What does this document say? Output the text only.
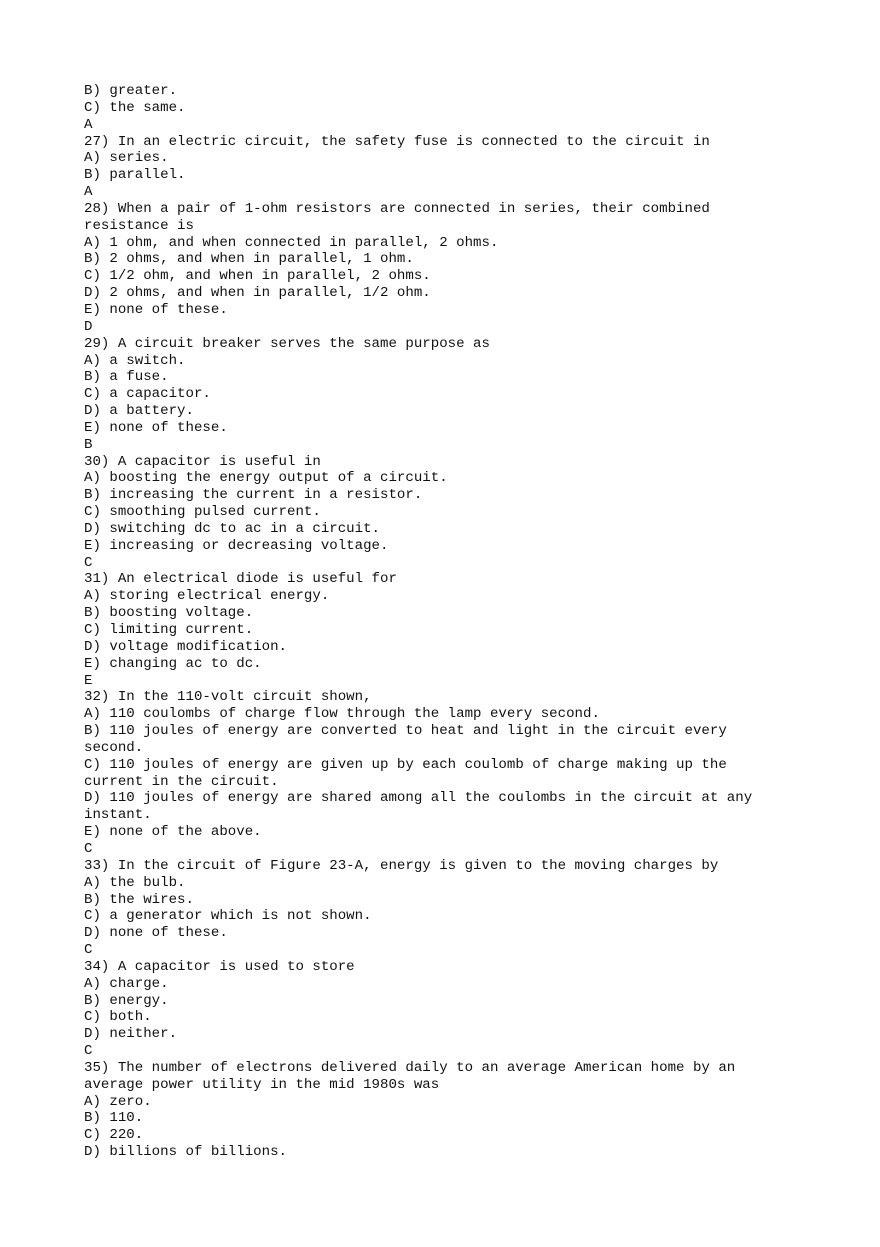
B) greater.
C) the same.
A
27) In an electric circuit, the safety fuse is connected to the circuit in
A) series.
B) parallel.
A
28) When a pair of 1-ohm resistors are connected in series, their combined
resistance is
A) 1 ohm, and when connected in parallel, 2 ohms.
B) 2 ohms, and when in parallel, 1 ohm.
C) 1/2 ohm, and when in parallel, 2 ohms.
D) 2 ohms, and when in parallel, 1/2 ohm.
E) none of these.
D
29) A circuit breaker serves the same purpose as
A) a switch.
B) a fuse.
C) a capacitor.
D) a battery.
E) none of these.
B
30) A capacitor is useful in
A) boosting the energy output of a circuit.
B) increasing the current in a resistor.
C) smoothing pulsed current.
D) switching dc to ac in a circuit.
E) increasing or decreasing voltage.
C
31) An electrical diode is useful for
A) storing electrical energy.
B) boosting voltage.
C) limiting current.
D) voltage modification.
E) changing ac to dc.
E
32) In the 110-volt circuit shown,
A) 110 coulombs of charge flow through the lamp every second.
B) 110 joules of energy are converted to heat and light in the circuit every
second.
C) 110 joules of energy are given up by each coulomb of charge making up the
current in the circuit.
D) 110 joules of energy are shared among all the coulombs in the circuit at any
instant.
E) none of the above.
C
33) In the circuit of Figure 23-A, energy is given to the moving charges by
A) the bulb.
B) the wires.
C) a generator which is not shown.
D) none of these.
C
34) A capacitor is used to store
A) charge.
B) energy.
C) both.
D) neither.
C
35) The number of electrons delivered daily to an average American home by an
average power utility in the mid 1980s was
A) zero.
B) 110.
C) 220.
D) billions of billions.
